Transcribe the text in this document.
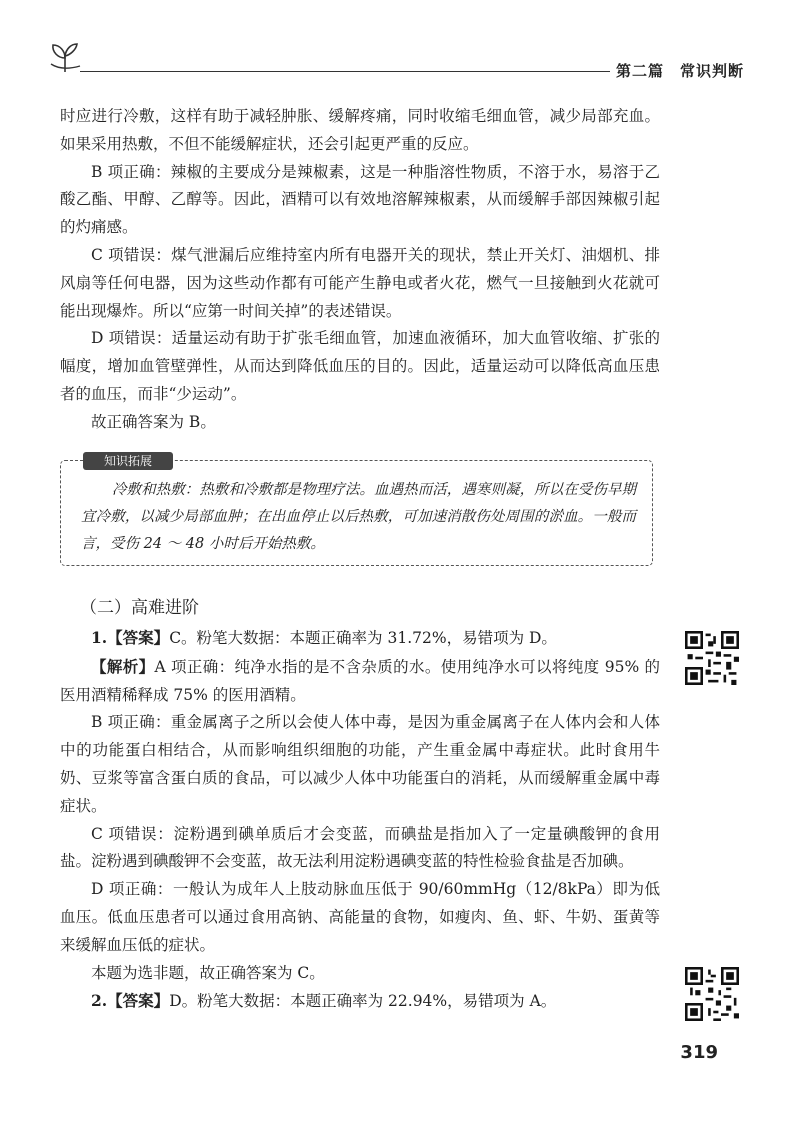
第二篇　常识判断

时应进行冷敷，这样有助于减轻肿胀、缓解疼痛，同时收缩毛细血管，减少局部充血。如果采用热敷，不但不能缓解症状，还会引起更严重的反应。

B 项正确：辣椒的主要成分是辣椒素，这是一种脂溶性物质，不溶于水，易溶于乙酸乙酯、甲醇、乙醇等。因此，酒精可以有效地溶解辣椒素，从而缓解手部因辣椒引起的灼痛感。

C 项错误：煤气泄漏后应维持室内所有电器开关的现状，禁止开关灯、油烟机、排风扇等任何电器，因为这些动作都有可能产生静电或者火花，燃气一旦接触到火花就可能出现爆炸。所以“应第一时间关掉”的表述错误。

D 项错误：适量运动有助于扩张毛细血管，加速血液循环，加大血管收缩、扩张的幅度，增加血管壁弹性，从而达到降低血压的目的。因此，适量运动可以降低高血压患者的血压，而非“少运动”。

故正确答案为 B。

知识拓展

冷敷和热敷：热敷和冷敷都是物理疗法。血遇热而活，遇寒则凝，所以在受伤早期宜冷敷，以减少局部血肿；在出血停止以后热敷，可加速消散伤处周围的淤血。一般而言，受伤 24 ～ 48 小时后开始热敷。

（二）高难进阶

1.【答案】C。粉笔大数据：本题正确率为 31.72%，易错项为 D。

【解析】A 项正确：纯净水指的是不含杂质的水。使用纯净水可以将纯度 95% 的医用酒精稀释成 75% 的医用酒精。

B 项正确：重金属离子之所以会使人体中毒，是因为重金属离子在人体内会和人体中的功能蛋白相结合，从而影响组织细胞的功能，产生重金属中毒症状。此时食用牛奶、豆浆等富含蛋白质的食品，可以减少人体中功能蛋白的消耗，从而缓解重金属中毒症状。

C 项错误：淀粉遇到碘单质后才会变蓝，而碘盐是指加入了一定量碘酸钾的食用盐。淀粉遇到碘酸钾不会变蓝，故无法利用淀粉遇碘变蓝的特性检验食盐是否加碘。

D 项正确：一般认为成年人上肢动脉血压低于 90/60mmHg（12/8kPa）即为低血压。低血压患者可以通过食用高钠、高能量的食物，如瘦肉、鱼、虾、牛奶、蛋黄等来缓解血压低的症状。

本题为选非题，故正确答案为 C。

2.【答案】D。粉笔大数据：本题正确率为 22.94%，易错项为 A。

319
